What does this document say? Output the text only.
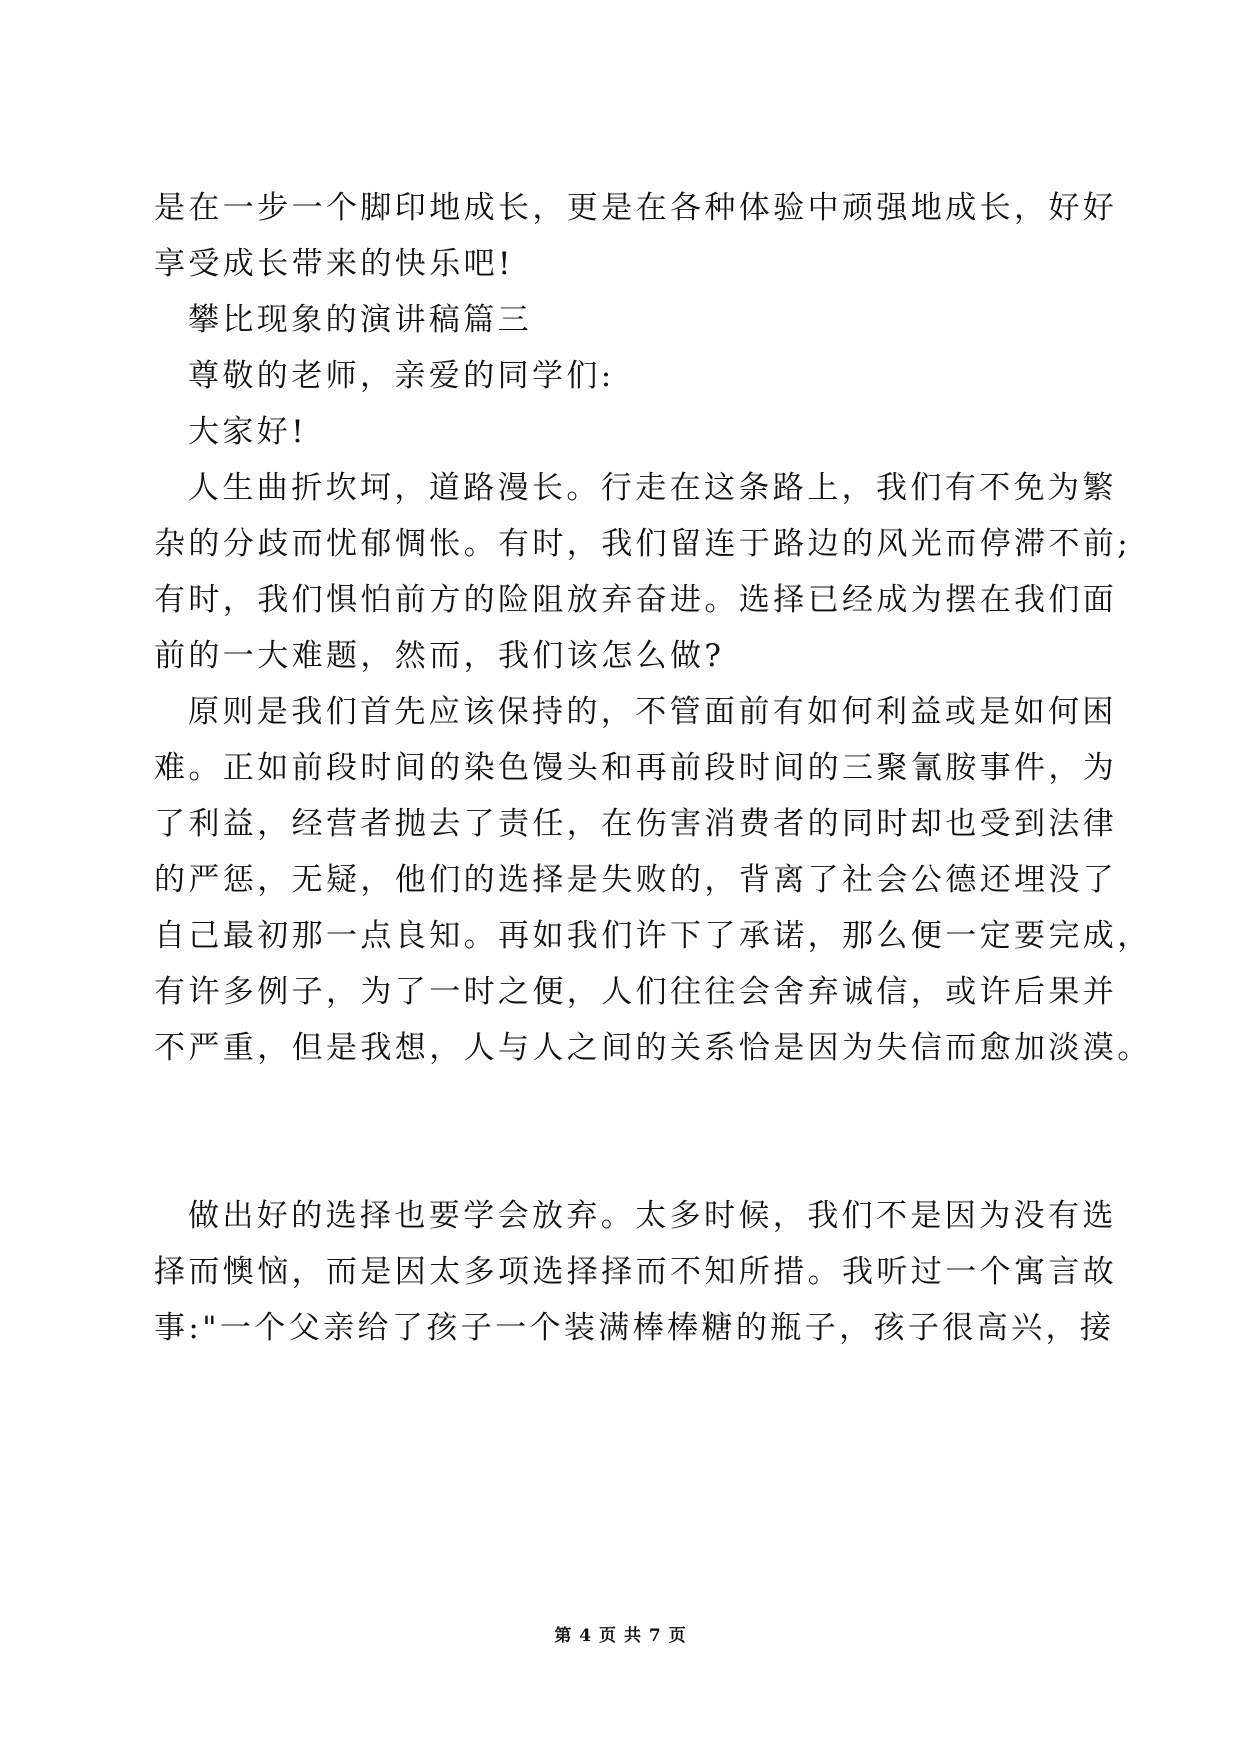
是在一步一个脚印地成长，更是在各种体验中顽强地成长，好好
享受成长带来的快乐吧!
攀比现象的演讲稿篇三
尊敬的老师，亲爱的同学们:
大家好!
人生曲折坎坷，道路漫长。行走在这条路上，我们有不免为繁
杂的分歧而忧郁惆怅。有时，我们留连于路边的风光而停滞不前;
有时，我们惧怕前方的险阻放弃奋进。选择已经成为摆在我们面
前的一大难题，然而，我们该怎么做?
原则是我们首先应该保持的，不管面前有如何利益或是如何困
难。正如前段时间的染色馒头和再前段时间的三聚氰胺事件，为
了利益，经营者抛去了责任，在伤害消费者的同时却也受到法律
的严惩，无疑，他们的选择是失败的，背离了社会公德还埋没了
自己最初那一点良知。再如我们许下了承诺，那么便一定要完成，
有许多例子，为了一时之便，人们往往会舍弃诚信，或许后果并
不严重，但是我想，人与人之间的关系恰是因为失信而愈加淡漠。
做出好的选择也要学会放弃。太多时候，我们不是因为没有选
择而懊恼，而是因太多项选择择而不知所措。我听过一个寓言故
事:"一个父亲给了孩子一个装满棒棒糖的瓶子，孩子很高兴，接
第 4 页 共 7 页
